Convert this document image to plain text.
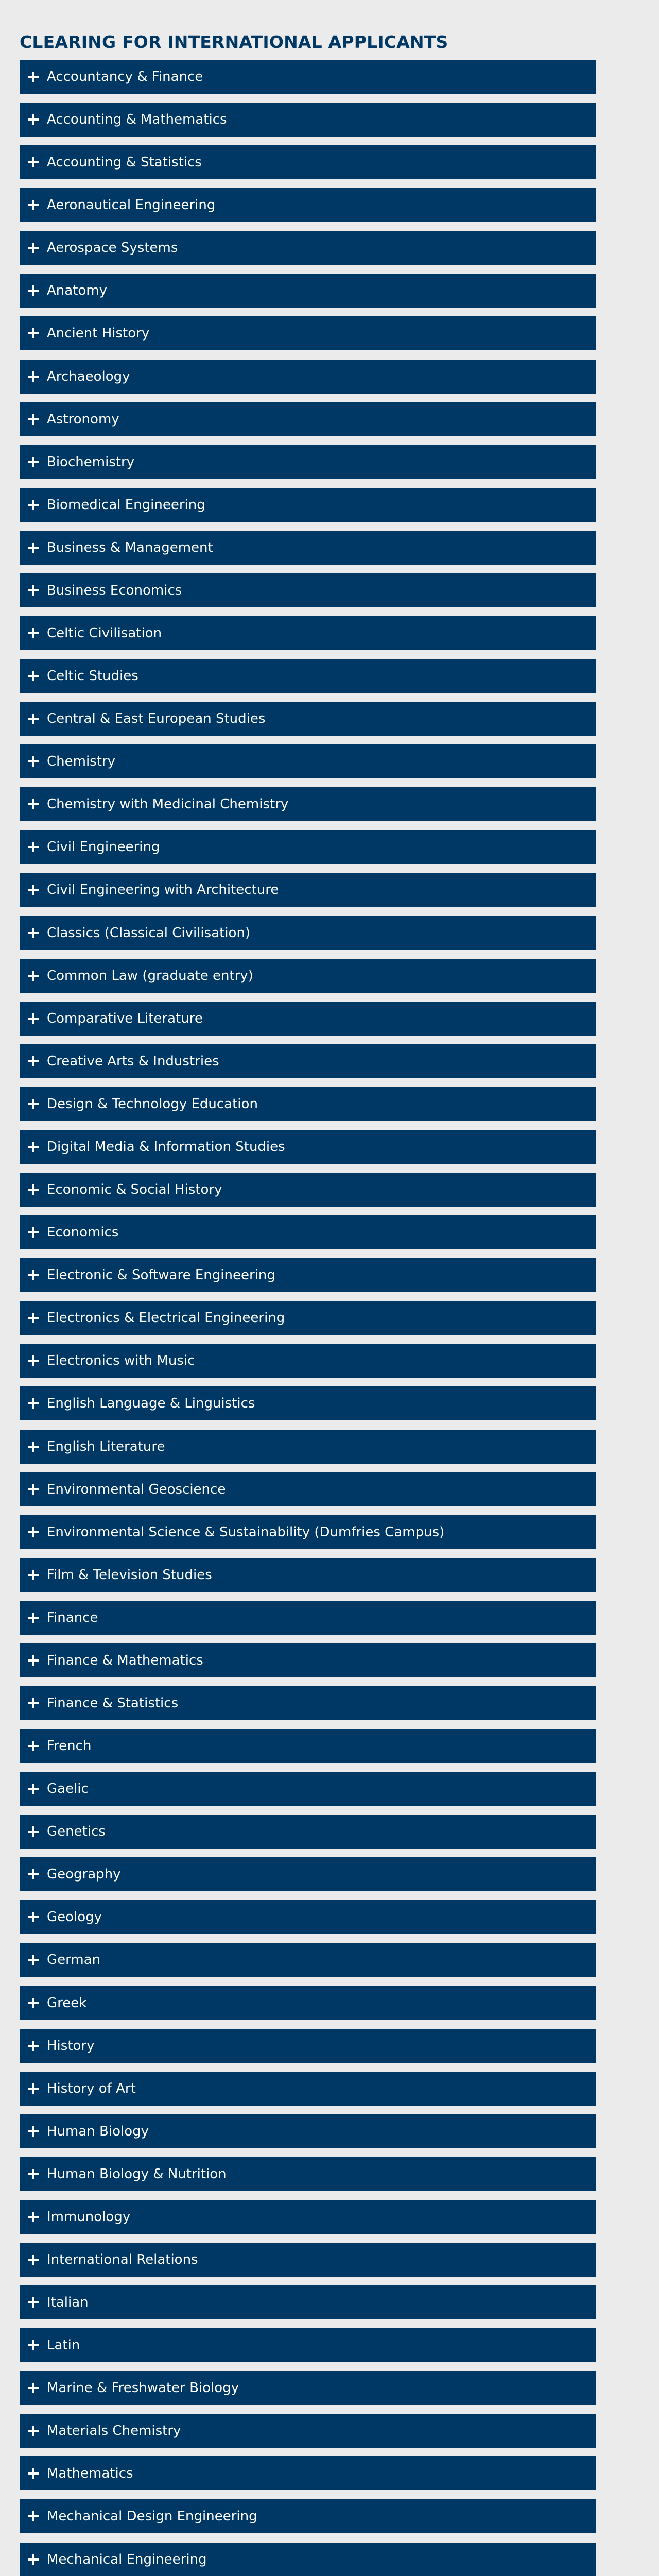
CLEARING FOR INTERNATIONAL APPLICANTS
Accountancy & Finance
Accounting & Mathematics
Accounting & Statistics
Aeronautical Engineering
Aerospace Systems
Anatomy
Ancient History
Archaeology
Astronomy
Biochemistry
Biomedical Engineering
Business & Management
Business Economics
Celtic Civilisation
Celtic Studies
Central & East European Studies
Chemistry
Chemistry with Medicinal Chemistry
Civil Engineering
Civil Engineering with Architecture
Classics (Classical Civilisation)
Common Law (graduate entry)
Comparative Literature
Creative Arts & Industries
Design & Technology Education
Digital Media & Information Studies
Economic & Social History
Economics
Electronic & Software Engineering
Electronics & Electrical Engineering
Electronics with Music
English Language & Linguistics
English Literature
Environmental Geoscience
Environmental Science & Sustainability (Dumfries Campus)
Film & Television Studies
Finance
Finance & Mathematics
Finance & Statistics
French
Gaelic
Genetics
Geography
Geology
German
Greek
History
History of Art
Human Biology
Human Biology & Nutrition
Immunology
International Relations
Italian
Latin
Marine & Freshwater Biology
Materials Chemistry
Mathematics
Mechanical Design Engineering
Mechanical Engineering
